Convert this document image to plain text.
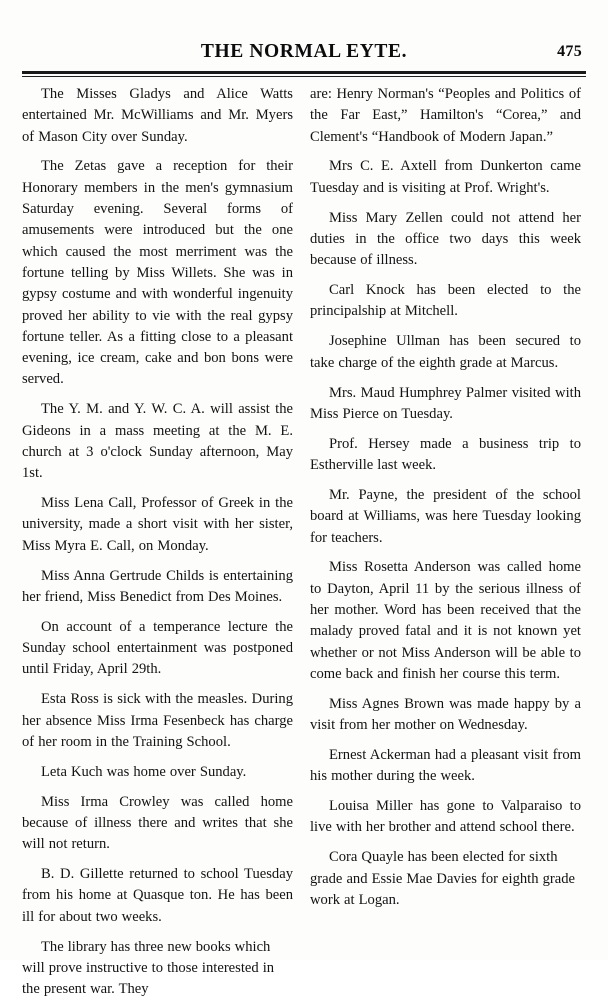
THE NORMAL EYTE.	475

The Misses Gladys and Alice Watts entertained Mr. McWilliams and Mr. Myers of Mason City over Sunday.

The Zetas gave a reception for their Honorary members in the men's gymnasium Saturday evening. Several forms of amusements were introduced but the one which caused the most merriment was the fortune telling by Miss Willets. She was in gypsy costume and with wonderful ingenuity proved her ability to vie with the real gypsy fortune teller. As a fitting close to a pleasant evening, ice cream, cake and bon bons were served.

The Y. M. and Y. W. C. A. will assist the Gideons in a mass meeting at the M. E. church at 3 o'clock Sunday afternoon, May 1st.

Miss Lena Call, Professor of Greek in the university, made a short visit with her sister, Miss Myra E. Call, on Monday.

Miss Anna Gertrude Childs is entertaining her friend, Miss Benedict from Des Moines.

On account of a temperance lecture the Sunday school entertainment was postponed until Friday, April 29th.

Esta Ross is sick with the measles. During her absence Miss Irma Fesenbeck has charge of her room in the Training School.

Leta Kuch was home over Sunday.

Miss Irma Crowley was called home because of illness there and writes that she will not return.

B. D. Gillette returned to school Tuesday from his home at Quasque ton. He has been ill for about two weeks.

The library has three new books which will prove instructive to those interested in the present war. They

are: Henry Norman's “Peoples and Politics of the Far East,” Hamilton's “Corea,” and Clement's “Handbook of Modern Japan.”

Mrs C. E. Axtell from Dunkerton came Tuesday and is visiting at Prof. Wright's.

Miss Mary Zellen could not attend her duties in the office two days this week because of illness.

Carl Knock has been elected to the principalship at Mitchell.

Josephine Ullman has been secured to take charge of the eighth grade at Marcus.

Mrs. Maud Humphrey Palmer visited with Miss Pierce on Tuesday.

Prof. Hersey made a business trip to Estherville last week.

Mr. Payne, the president of the school board at Williams, was here Tuesday looking for teachers.

Miss Rosetta Anderson was called home to Dayton, April 11 by the serious illness of her mother. Word has been received that the malady proved fatal and it is not known yet whether or not Miss Anderson will be able to come back and finish her course this term.

Miss Agnes Brown was made happy by a visit from her mother on Wednesday.

Ernest Ackerman had a pleasant visit from his mother during the week.

Louisa Miller has gone to Valparaiso to live with her brother and attend school there.

Cora Quayle has been elected for sixth grade and Essie Mae Davies for eighth grade work at Logan.
